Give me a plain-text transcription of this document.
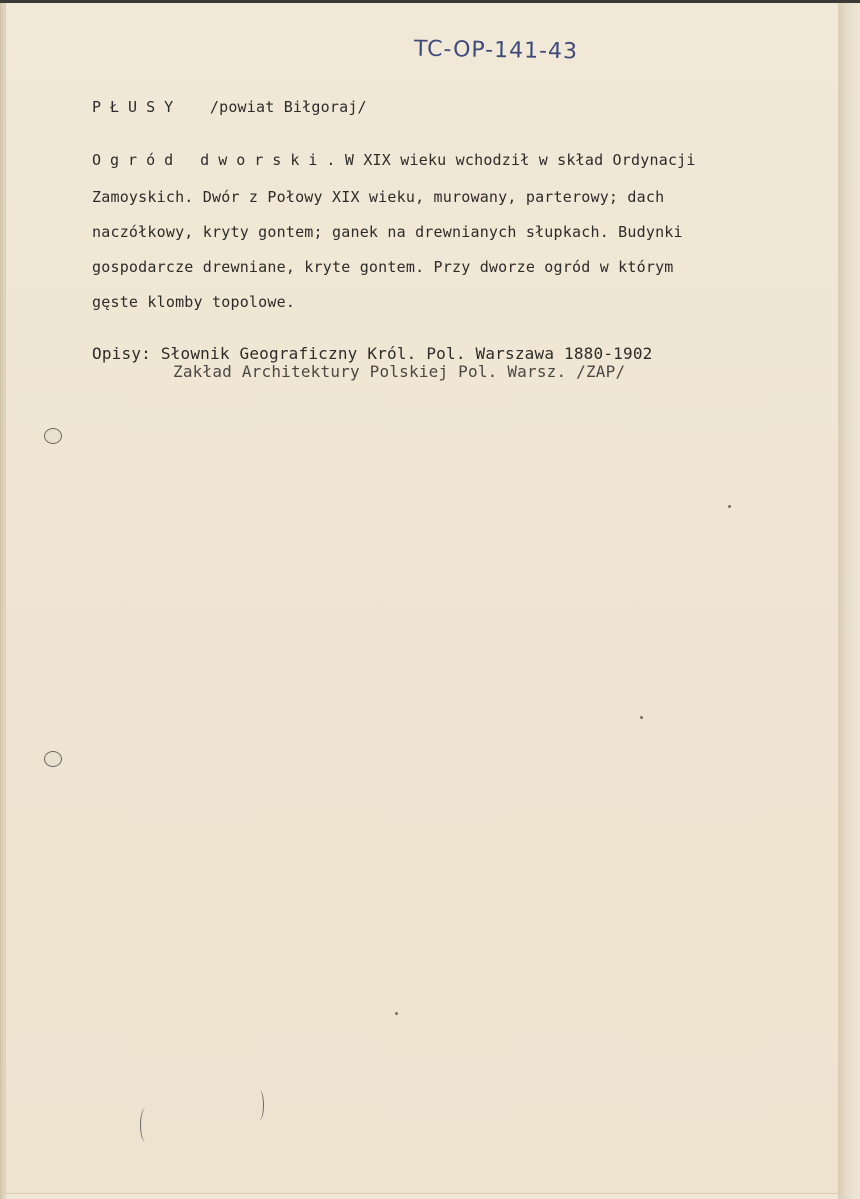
TC-OP-141-43
PŁUSY /powiat Biłgoraj/
Ogród dworski. W XIX wieku wchodził w skład Ordynacji
Zamoyskich. Dwór z Połowy XIX wieku, murowany, parterowy; dach
naczółkowy, kryty gontem; ganek na drewnianych słupkach. Budynki
gospodarcze drewniane, kryte gontem. Przy dworze ogród w którym
gęste klomby topolowe.
Opisy: Słownik Geograficzny Król. Pol. Warszawa 1880-1902
Zakład Architektury Polskiej Pol. Warsz. /ZAP/
